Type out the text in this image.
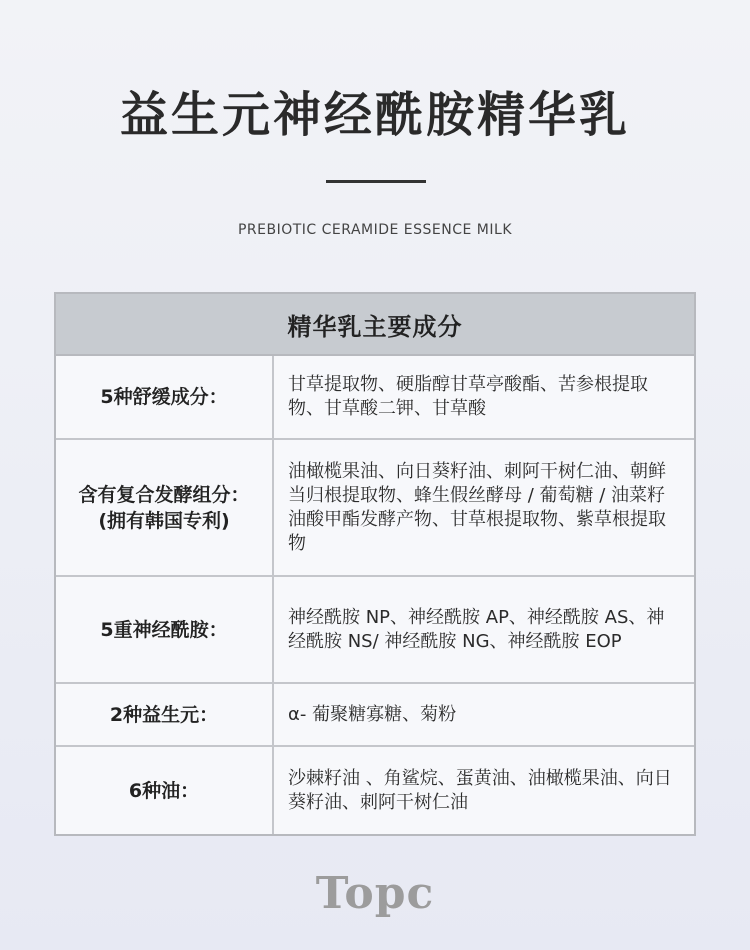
益生元神经酰胺精华乳
PREBIOTIC CERAMIDE ESSENCE MILK
精华乳主要成分
5种舒缓成分：
甘草提取物、硬脂醇甘草亭酸酯、苦参根提取物、甘草酸二钾、甘草酸
含有复合发酵组分：
(拥有韩国专利)
油橄榄果油、向日葵籽油、刺阿干树仁油、朝鲜当归根提取物、蜂生假丝酵母 / 葡萄糖 / 油菜籽油酸甲酯发酵产物、甘草根提取物、紫草根提取物
5重神经酰胺：
神经酰胺 NP、神经酰胺 AP、神经酰胺 AS、神经酰胺 NS/ 神经酰胺 NG、神经酰胺 EOP
2种益生元：	α- 葡聚糖寡糖、菊粉
6种油：
沙棘籽油 、角鲨烷、蛋黄油、油橄榄果油、向日葵籽油、刺阿干树仁油
Topc
